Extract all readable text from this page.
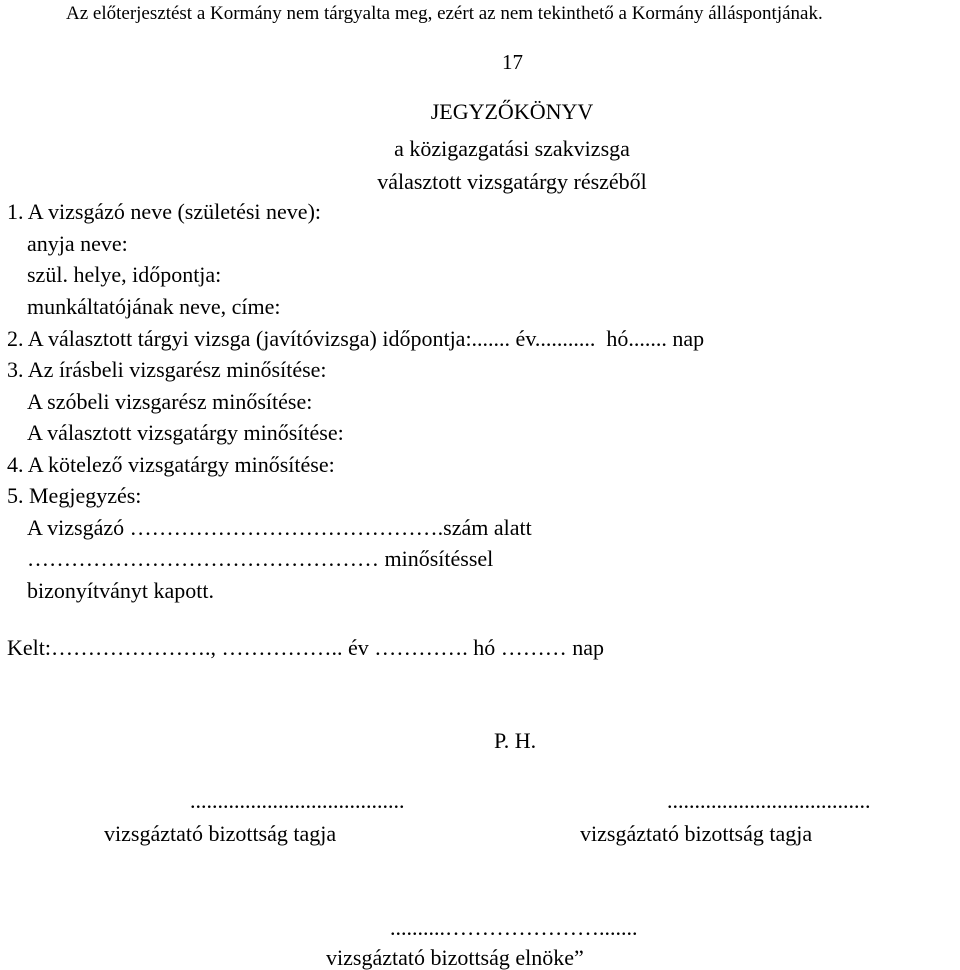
Az előterjesztést a Kormány nem tárgyalta meg, ezért az nem tekinthető a Kormány álláspontjának.
17
JEGYZŐKÖNYV
a közigazgatási szakvizsga
választott vizsgatárgy részéből
1. A vizsgázó neve (születési neve):
anyja neve:
szül. helye, időpontja:
munkáltatójának neve, címe:
2. A választott tárgyi vizsga (javítóvizsga) időpontja:....... év...........  hó....... nap
3. Az írásbeli vizsgarész minősítése:
A szóbeli vizsgarész minősítése:
A választott vizsgatárgy minősítése:
4. A kötelező vizsgatárgy minősítése:
5. Megjegyzés:
A vizsgázó …………………………………….szám alatt
………………………………………… minősítéssel
bizonyítványt kapott.
Kelt:…………………., …………….. év …………. hó ……… nap
P. H.
.......................................
vizsgáztató bizottság tagja
.....................................
vizsgáztató bizottság tagja
..........………………….......
vizsgáztató bizottság elnöke”
